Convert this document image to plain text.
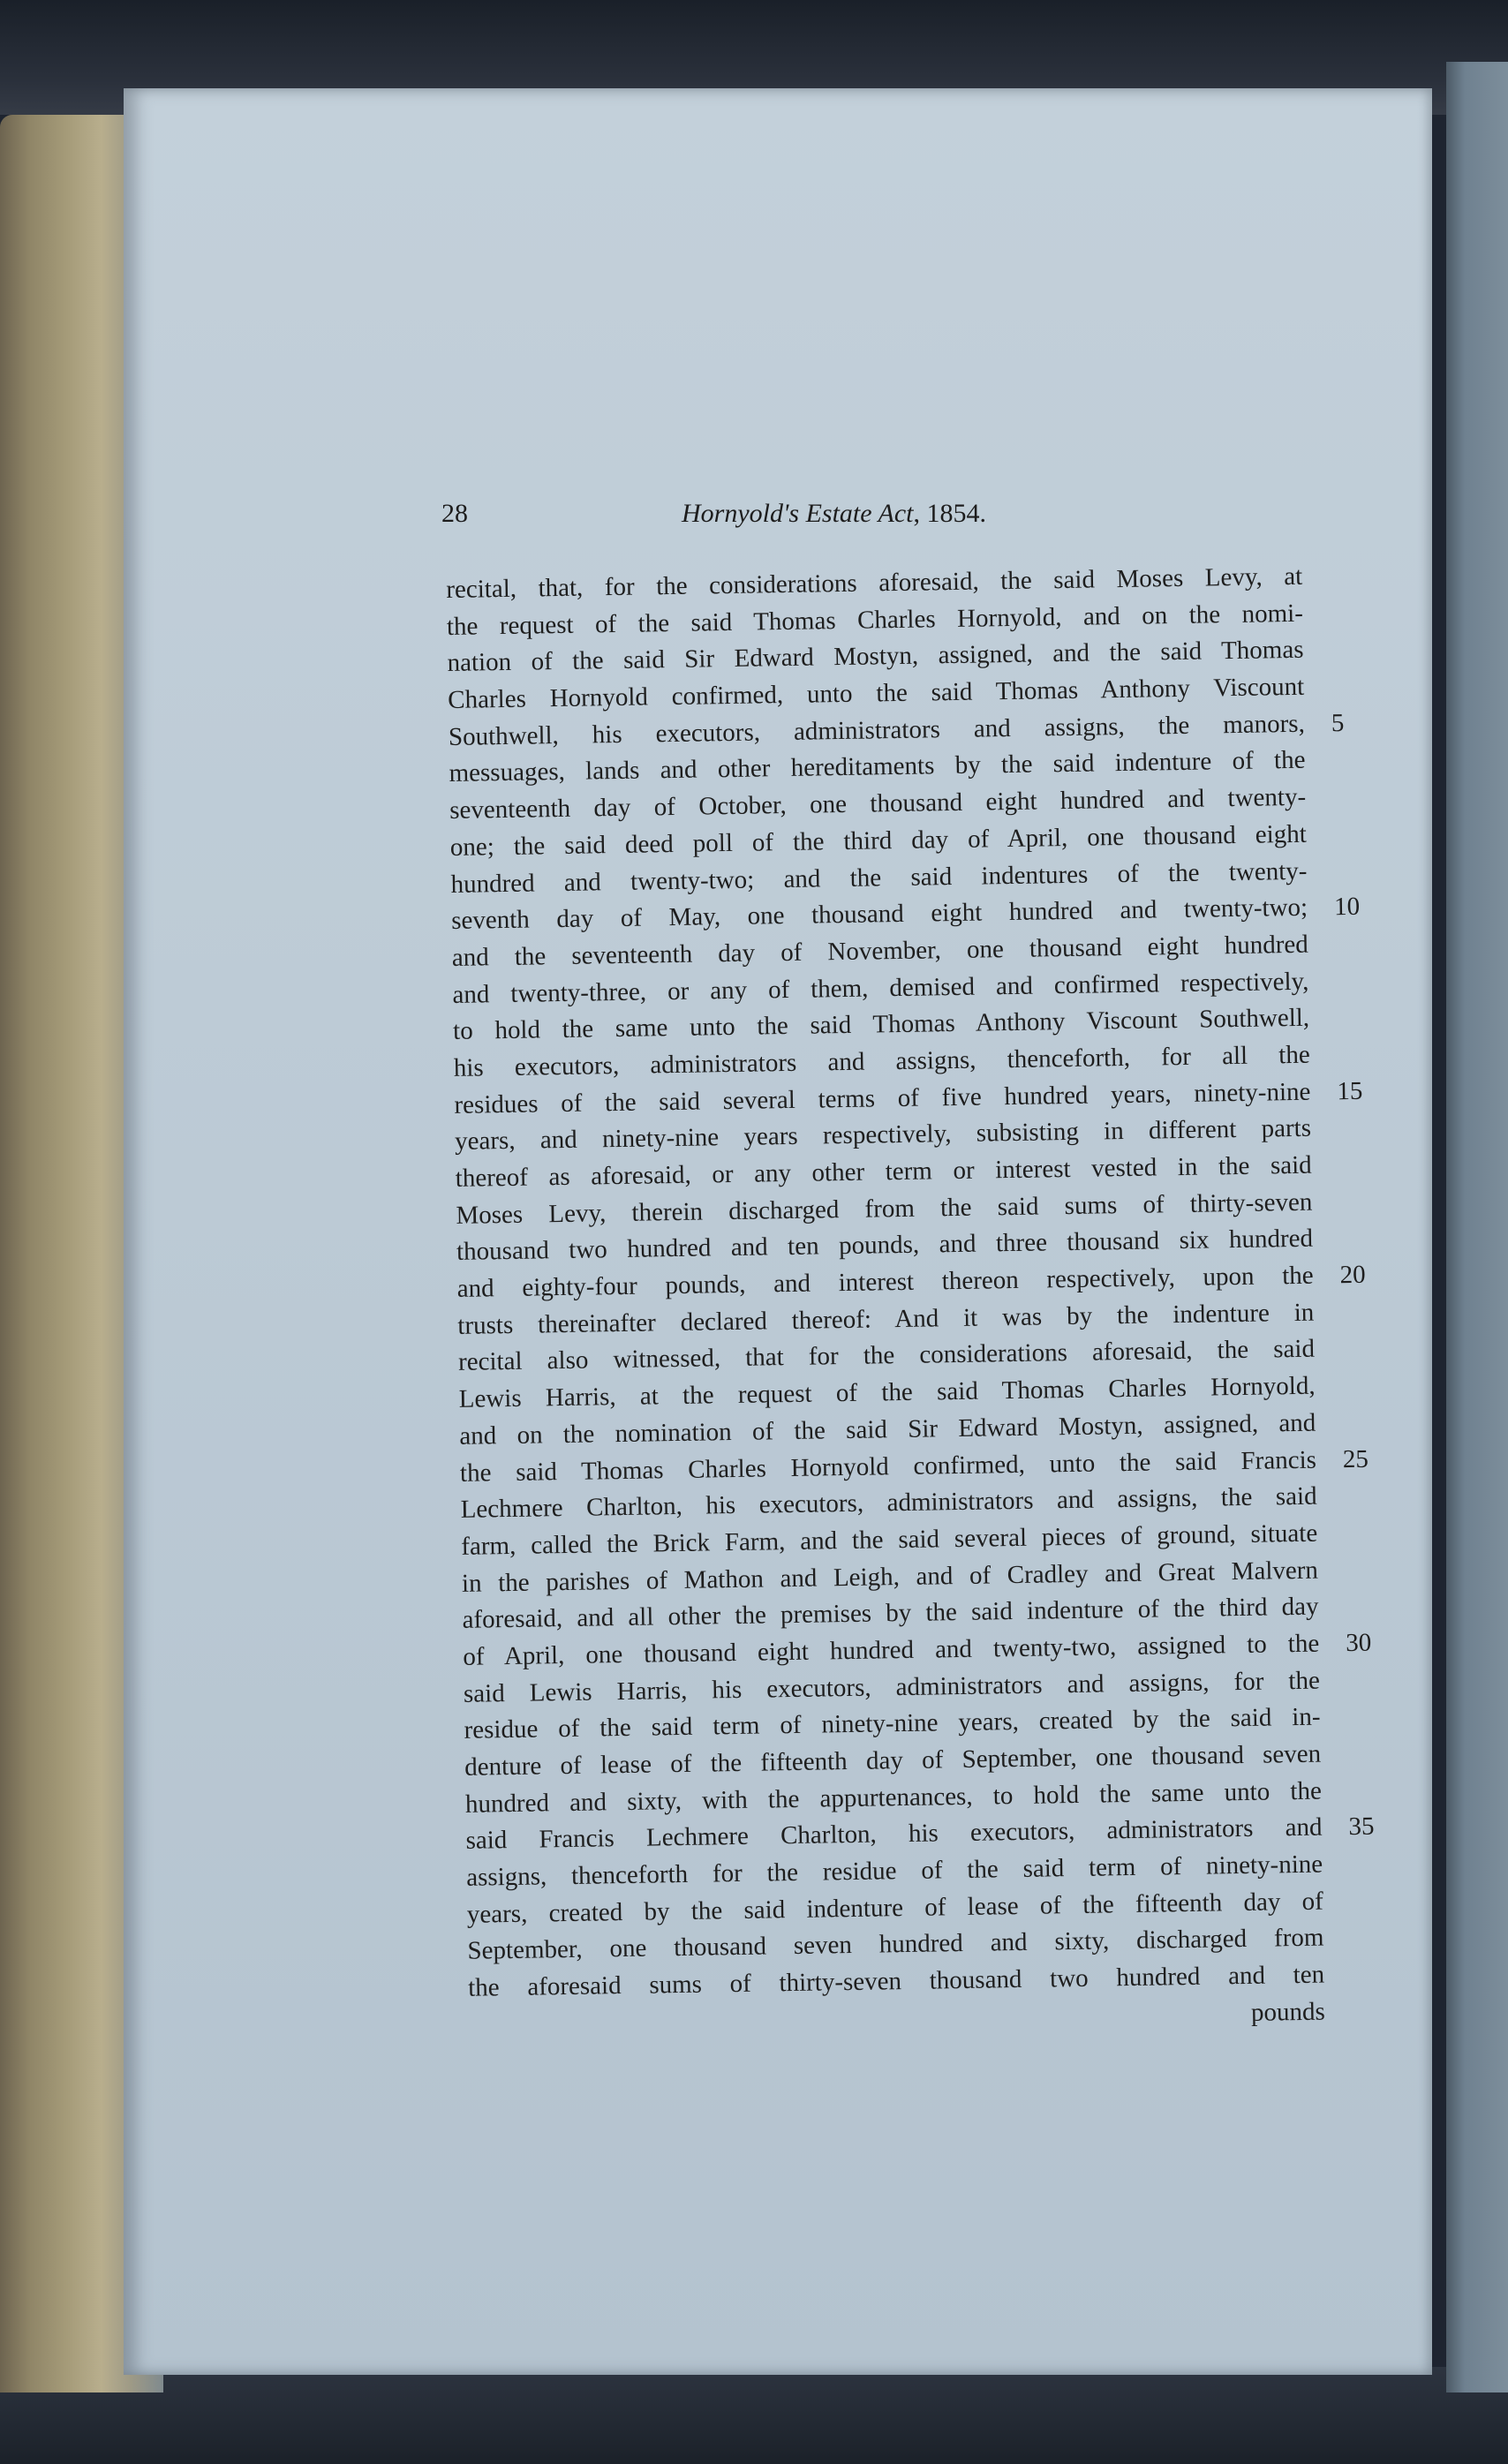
28	Hornyold's Estate Act, 1854.
recital, that, for the considerations aforesaid, the said Moses Levy, at
the request of the said Thomas Charles Hornyold, and on the nomi-
nation of the said Sir Edward Mostyn, assigned, and the said Thomas
Charles Hornyold confirmed, unto the said Thomas Anthony Viscount
Southwell, his executors, administrators and assigns, the manors, 5
messuages, lands and other hereditaments by the said indenture of the
seventeenth day of October, one thousand eight hundred and twenty-
one; the said deed poll of the third day of April, one thousand eight
hundred and twenty-two; and the said indentures of the twenty-
seventh day of May, one thousand eight hundred and twenty-two; 10
and the seventeenth day of November, one thousand eight hundred
and twenty-three, or any of them, demised and confirmed respectively,
to hold the same unto the said Thomas Anthony Viscount Southwell,
his executors, administrators and assigns, thenceforth, for all the
residues of the said several terms of five hundred years, ninety-nine 15
years, and ninety-nine years respectively, subsisting in different parts
thereof as aforesaid, or any other term or interest vested in the said
Moses Levy, therein discharged from the said sums of thirty-seven
thousand two hundred and ten pounds, and three thousand six hundred
and eighty-four pounds, and interest thereon respectively, upon the 20
trusts thereinafter declared thereof: And it was by the indenture in
recital also witnessed, that for the considerations aforesaid, the said
Lewis Harris, at the request of the said Thomas Charles Hornyold,
and on the nomination of the said Sir Edward Mostyn, assigned, and
the said Thomas Charles Hornyold confirmed, unto the said Francis 25
Lechmere Charlton, his executors, administrators and assigns, the said
farm, called the Brick Farm, and the said several pieces of ground, situate
in the parishes of Mathon and Leigh, and of Cradley and Great Malvern
aforesaid, and all other the premises by the said indenture of the third day
of April, one thousand eight hundred and twenty-two, assigned to the 30
said Lewis Harris, his executors, administrators and assigns, for the
residue of the said term of ninety-nine years, created by the said in-
denture of lease of the fifteenth day of September, one thousand seven
hundred and sixty, with the appurtenances, to hold the same unto the
said Francis Lechmere Charlton, his executors, administrators and 35
assigns, thenceforth for the residue of the said term of ninety-nine
years, created by the said indenture of lease of the fifteenth day of
September, one thousand seven hundred and sixty, discharged from
the aforesaid sums of thirty-seven thousand two hundred and ten
pounds
